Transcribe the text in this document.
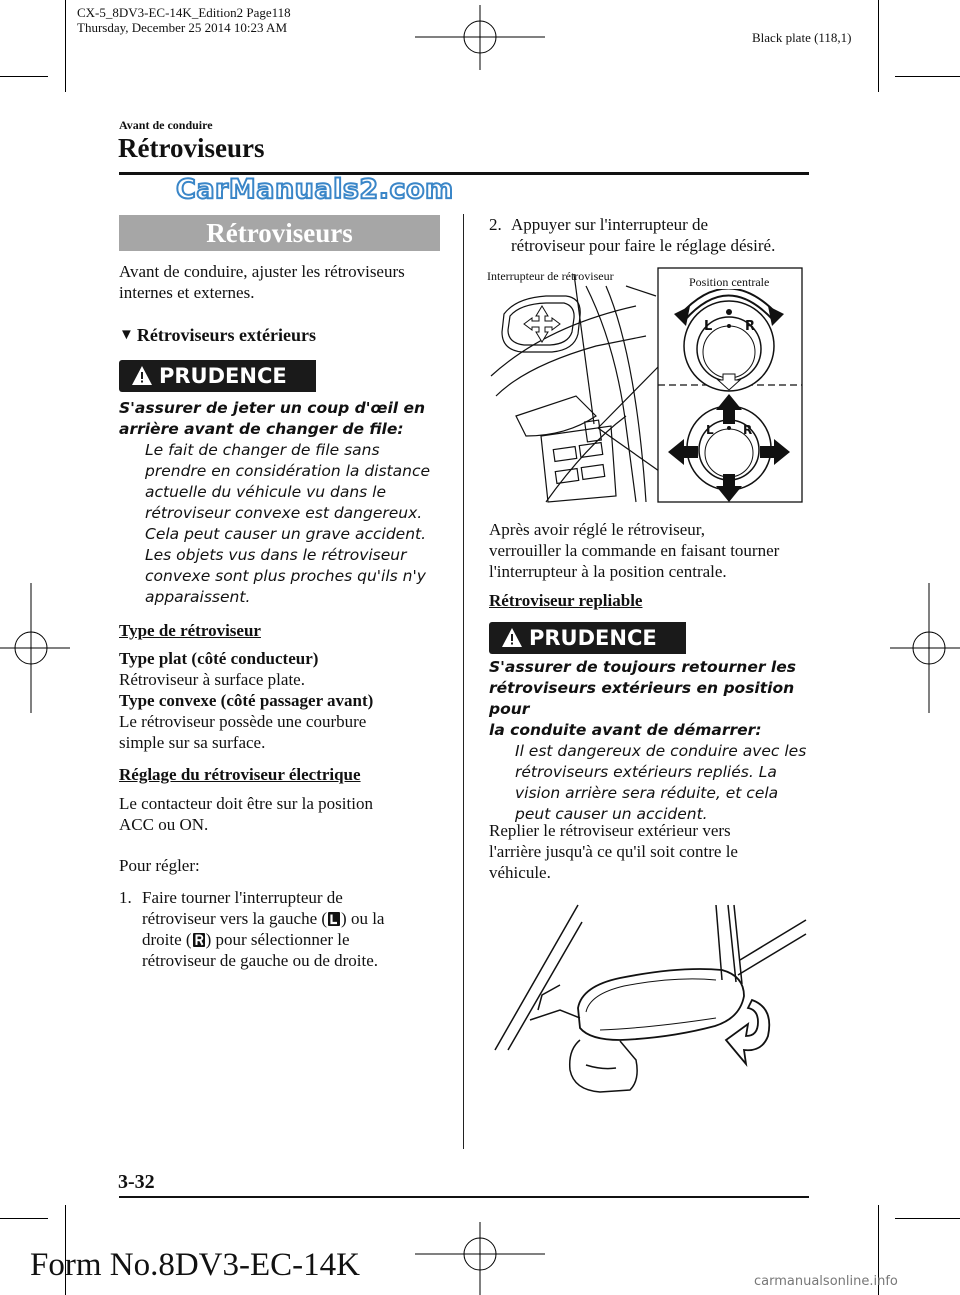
CX-5_8DV3-EC-14K_Edition2 Page118
Thursday, December 25 2014 10:23 AM
Black plate (118,1)
Avant de conduire
Rétroviseurs
CarManuals2.com
Rétroviseurs

Avant de conduire, ajuster les rétroviseurs

internes et externes.

▼ Rétroviseurs extérieurs
PRUDENCE
S'assurer de jeter un coup d'œil en
arrière avant de changer de file:
Le fait de changer de file sans
prendre en considération la distance
actuelle du véhicule vu dans le
rétroviseur convexe est dangereux.
Cela peut causer un grave accident.
Les objets vus dans le rétroviseur
convexe sont plus proches qu'ils n'y
apparaissent.
Type de rétroviseur

Type plat (côté conducteur)

Rétroviseur à surface plate.

Type convexe (côté passager avant)

Le rétroviseur possède une courbure

simple sur sa surface.

Réglage du rétroviseur électrique

Le contacteur doit être sur la position

ACC ou ON.

Pour régler:
1. Faire tourner l'interrupteur de

rétroviseur vers la gauche ( ) ou la

droite ( ) pour sélectionner le

rétroviseur de gauche ou de droite.

2. Appuyer sur l'interrupteur de

rétroviseur pour faire le réglage désiré.

Interrupteur de rétroviseur
L	R
L R
Position centrale

Après avoir réglé le rétroviseur,

verrouiller la commande en faisant tourner

l'interrupteur à la position centrale.

Rétroviseur repliable
PRUDENCE
S'assurer de toujours retourner les
rétroviseurs extérieurs en position pour
la conduite avant de démarrer:
Il est dangereux de conduire avec les
rétroviseurs extérieurs repliés. La
vision arrière sera réduite, et cela
peut causer un accident.

Replier le rétroviseur extérieur vers

l'arrière jusqu'à ce qu'il soit contre le

véhicule.

3-32
Form No.8DV3-EC-14K	carmanualsonline.info
